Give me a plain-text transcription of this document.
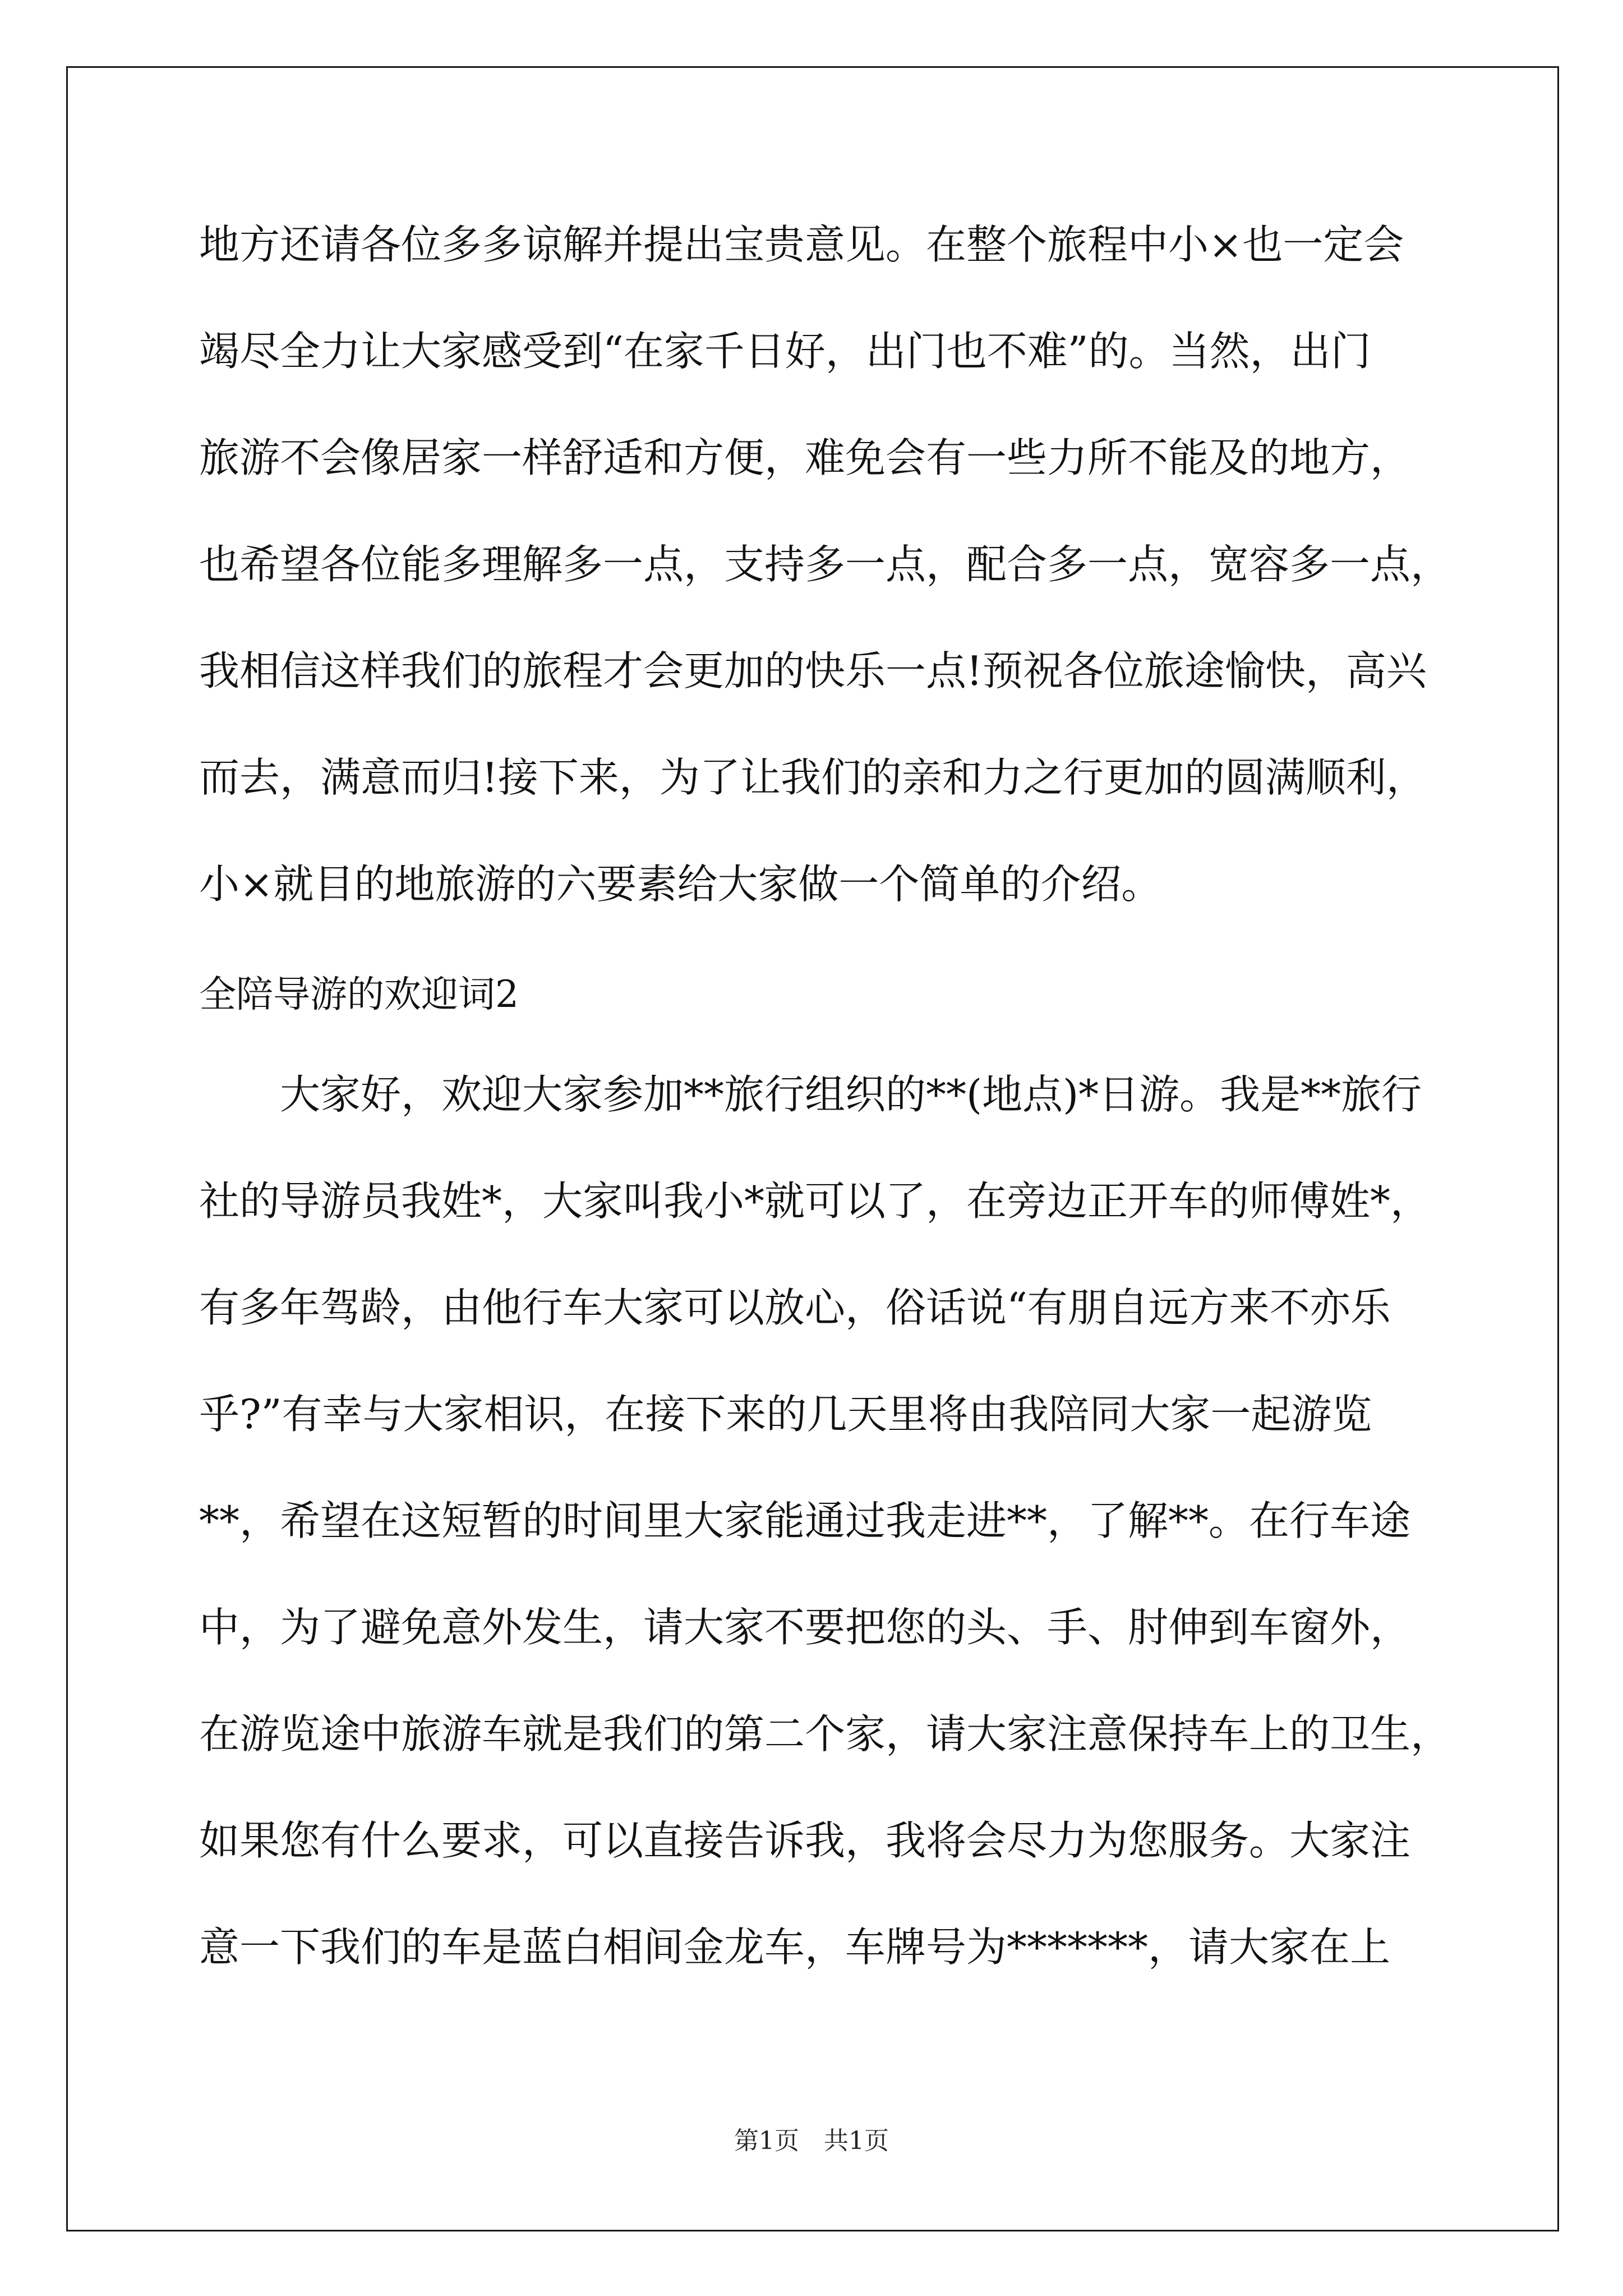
地方还请各位多多谅解并提出宝贵意见。在整个旅程中小×也一定会
竭尽全力让大家感受到“在家千日好，出门也不难”的。当然，出门
旅游不会像居家一样舒适和方便，难免会有一些力所不能及的地方，
也希望各位能多理解多一点，支持多一点，配合多一点，宽容多一点，
我相信这样我们的旅程才会更加的快乐一点!预祝各位旅途愉快，高兴
而去，满意而归!接下来，为了让我们的亲和力之行更加的圆满顺利，
小×就目的地旅游的六要素给大家做一个简单的介绍。
全陪导游的欢迎词2
大家好，欢迎大家参加**旅行组织的**(地点)*日游。我是**旅行
社的导游员我姓*，大家叫我小*就可以了，在旁边正开车的师傅姓*，
有多年驾龄，由他行车大家可以放心，俗话说“有朋自远方来不亦乐
乎?”有幸与大家相识，在接下来的几天里将由我陪同大家一起游览
**，希望在这短暂的时间里大家能通过我走进**，了解**。在行车途
中，为了避免意外发生，请大家不要把您的头、手、肘伸到车窗外，
在游览途中旅游车就是我们的第二个家，请大家注意保持车上的卫生，
如果您有什么要求，可以直接告诉我，我将会尽力为您服务。大家注
意一下我们的车是蓝白相间金龙车，车牌号为*******，请大家在上
第1页　共1页
